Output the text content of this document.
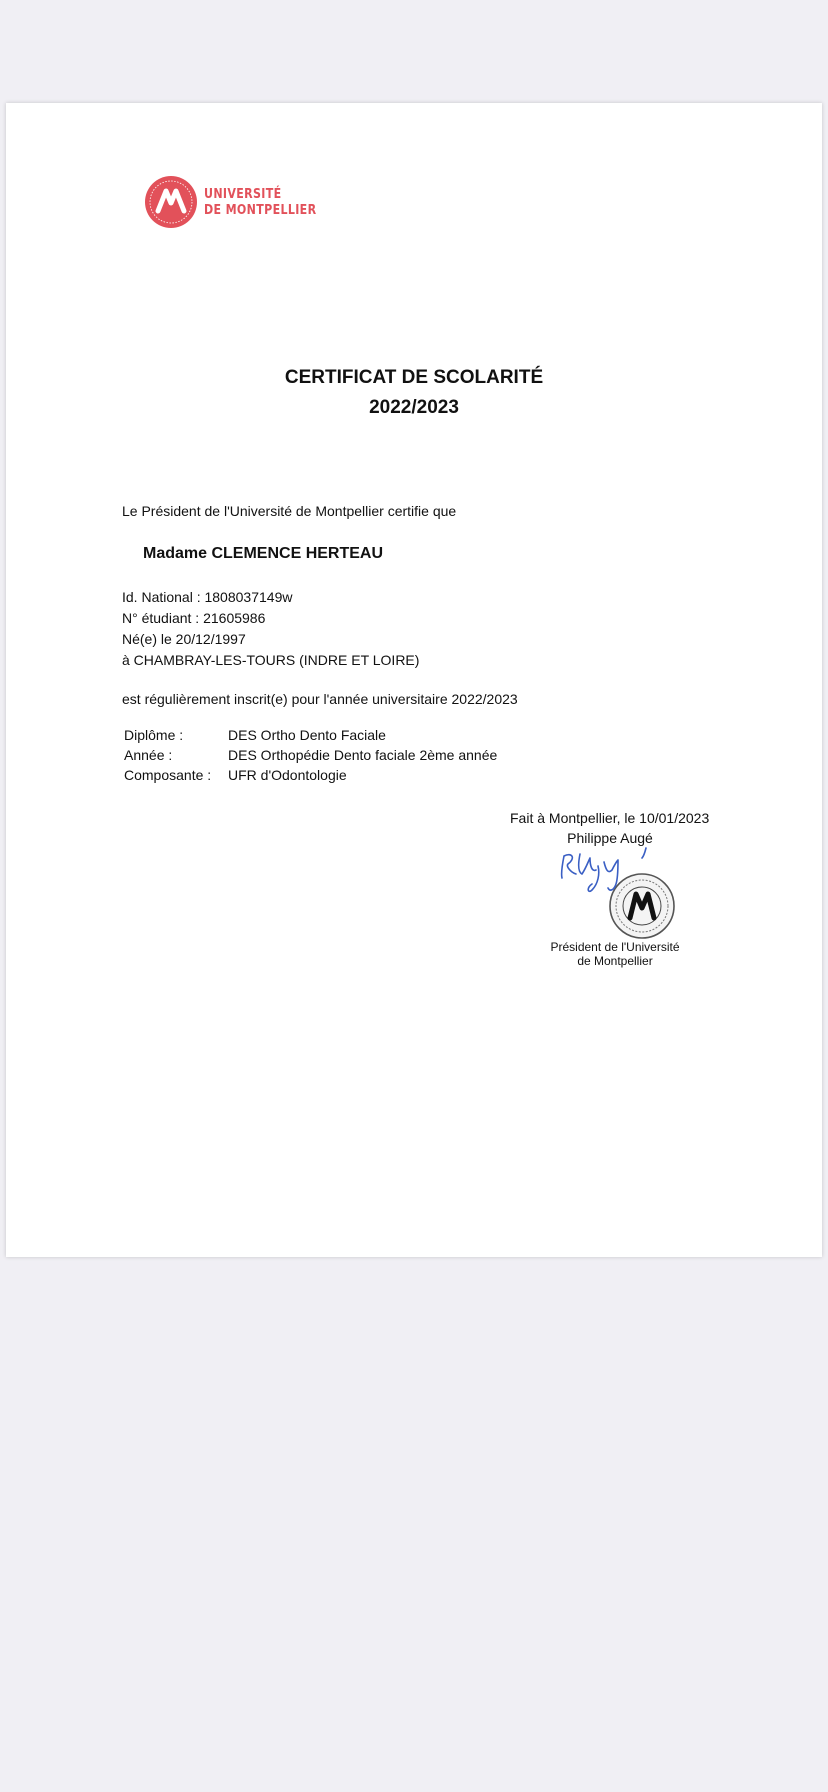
UNIVERSITÉ
DE MONTPELLIER
CERTIFICAT DE SCOLARITÉ
2022/2023
Le Président de l'Université de Montpellier certifie que
Madame CLEMENCE HERTEAU
Id. National : 1808037149w
N° étudiant : 21605986
Né(e) le 20/12/1997
à CHAMBRAY-LES-TOURS (INDRE ET LOIRE)
est régulièrement inscrit(e) pour l'année universitaire 2022/2023
Diplôme :	DES Ortho Dento Faciale
Année :	DES Orthopédie Dento faciale 2ème année
Composante :	UFR d'Odontologie
Fait à Montpellier, le 10/01/2023
Philippe Augé
Président de l'Université
de Montpellier
